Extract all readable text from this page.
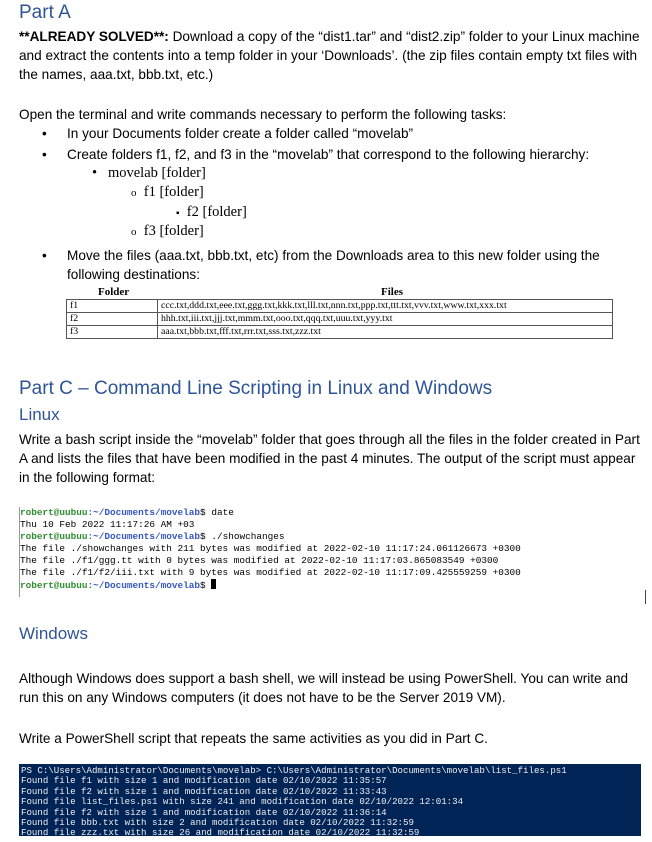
Part A
**ALREADY SOLVED**: Download a copy of the “dist1.tar” and “dist2.zip” folder to your Linux machine and extract the contents into a temp folder in your ‘Downloads’. (the zip files contain empty txt files with the names, aaa.txt, bbb.txt, etc.)
Open the terminal and write commands necessary to perform the following tasks:
• In your Documents folder create a folder called “movelab”
• Create folders f1, f2, and f3 in the “movelab” that correspond to the following hierarchy:
• movelab [folder]
o f1 [folder]
▪ f2 [folder]
o f3 [folder]
• Move the files (aaa.txt, bbb.txt, etc) from the Downloads area to this new folder using the following destinations:
Folder	Files
f1	ccc.txt,ddd.txt,eee.txt,ggg.txt,kkk.txt,lll.txt,nnn.txt,ppp.txt,ttt.txt,vvv.txt,www.txt,xxx.txt
f2	hhh.txt,iii.txt,jjj.txt,mmm.txt,ooo.txt,qqq.txt,uuu.txt,yyy.txt
f3	aaa.txt,bbb.txt,fff.txt,rrr.txt,sss.txt,zzz.txt
Part C – Command Line Scripting in Linux and Windows
Linux
Write a bash script inside the “movelab” folder that goes through all the files in the folder created in Part A and lists the files that have been modified in the past 4 minutes. The output of the script must appear in the following format:
robert@uubuu:~/Documents/movelab$ date
Thu 10 Feb 2022 11:17:26 AM +03
robert@uubuu:~/Documents/movelab$ ./showchanges
The file ./showchanges with 211 bytes was modified at 2022-02-10 11:17:24.061126673 +0300
The file ./f1/ggg.tt with 0 bytes was modified at 2022-02-10 11:17:03.865083549 +0300
The file ./f1/f2/iii.txt with 9 bytes was modified at 2022-02-10 11:17:09.425559259 +0300
robert@uubuu:~/Documents/movelab$
Windows
Although Windows does support a bash shell, we will instead be using PowerShell. You can write and run this on any Windows computers (it does not have to be the Server 2019 VM).
Write a PowerShell script that repeats the same activities as you did in Part C.
PS C:\Users\Administrator\Documents\movelab> C:\Users\Administrator\Documents\movelab\list_files.ps1
Found file f1 with size 1 and modification date 02/10/2022 11:35:57
Found file f2 with size 1 and modification date 02/10/2022 11:33:43
Found file list_files.ps1 with size 241 and modification date 02/10/2022 12:01:34
Found file f2 with size 1 and modification date 02/10/2022 11:36:14
Found file bbb.txt with size 2 and modification date 02/10/2022 11:32:59
Found file zzz.txt with size 26 and modification date 02/10/2022 11:32:59
